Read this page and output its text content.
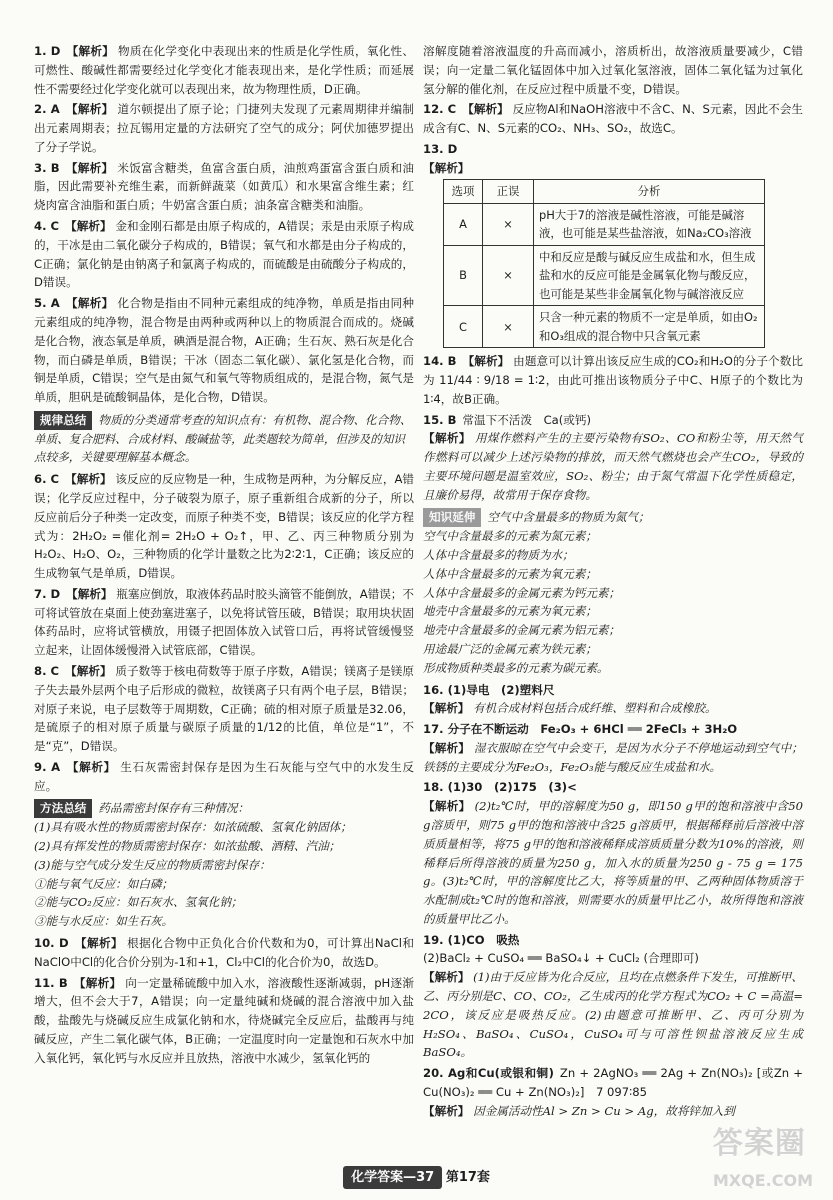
1. D 【解析】 物质在化学变化中表现出来的性质是化学性质，氧化性、可燃性、酸碱性都需要经过化学变化才能表现出来，是化学性质；而延展性不需要经过化学变化就可以表现出来，故为物理性质，D正确。

2. A 【解析】 道尔顿提出了原子论；门捷列夫发现了元素周期律并编制出元素周期表；拉瓦锡用定量的方法研究了空气的成分；阿伏加德罗提出了分子学说。

3. B 【解析】 米饭富含糖类，鱼富含蛋白质，油煎鸡蛋富含蛋白质和油脂，因此需要补充维生素，而新鲜蔬菜（如黄瓜）和水果富含维生素；红烧肉富含油脂和蛋白质；牛奶富含蛋白质；油条富含糖类和油脂。

4. C 【解析】 金和金刚石都是由原子构成的，A错误；汞是由汞原子构成的，干冰是由二氧化碳分子构成的，B错误；氧气和水都是由分子构成的，C正确；氯化钠是由钠离子和氯离子构成的，而硫酸是由硫酸分子构成的，D错误。

5. A 【解析】 化合物是指由不同种元素组成的纯净物，单质是指由同种元素组成的纯净物，混合物是由两种或两种以上的物质混合而成的。烧碱是化合物，液态氧是单质，碘酒是混合物，A正确；生石灰、熟石灰是化合物，而白磷是单质，B错误；干冰（固态二氧化碳）、氯化氢是化合物，而铜是单质，C错误；空气是由氮气和氧气等物质组成的，是混合物，氮气是单质，胆矾是硫酸铜晶体，是化合物，D错误。

规律总结 物质的分类通常考查的知识点有：有机物、混合物、化合物、单质、复合肥料、合成材料、酸碱盐等，此类题较为简单，但涉及的知识点较多，关键要理解基本概念。

6. C 【解析】 该反应的反应物是一种，生成物是两种，为分解反应，A错误；化学反应过程中，分子破裂为原子，原子重新组合成新的分子，所以反应前后分子种类一定改变，而原子种类不变，B错误；该反应的化学方程式为：2H₂O₂ =催化剂= 2H₂O + O₂↑，甲、乙、丙三种物质分别为H₂O₂、H₂O、O₂，三种物质的化学计量数之比为2∶2∶1，C正确；该反应的生成物氧气是单质，D错误。

7. D 【解析】 瓶塞应倒放，取液体药品时胶头滴管不能倒放，A错误；不可将试管放在桌面上使劲塞进塞子，以免将试管压破，B错误；取用块状固体药品时，应将试管横放，用镊子把固体放入试管口后，再将试管缓慢竖立起来，让固体缓慢滑入试管底部，C错误。

8. C 【解析】 质子数等于核电荷数等于原子序数，A错误；镁离子是镁原子失去最外层两个电子后形成的微粒，故镁离子只有两个电子层，B错误；对原子来说，电子层数等于周期数，C正确；硫的相对原子质量是32.06，是硫原子的相对原子质量与碳原子质量的1/12的比值，单位是“1”，不是“克”，D错误。

9. A 【解析】 生石灰需密封保存是因为生石灰能与空气中的水发生反应。

方法总结 药品需密封保存有三种情况：
(1)具有吸水性的物质需密封保存：如浓硫酸、氢氧化钠固体；
(2)具有挥发性的物质需密封保存：如浓盐酸、酒精、汽油；
(3)能与空气成分发生反应的物质需密封保存：
①能与氧气反应：如白磷；
②能与CO₂反应：如石灰水、氢氧化钠；
③能与水反应：如生石灰。

10. D 【解析】 根据化合物中正负化合价代数和为0，可计算出NaCl和NaClO中Cl的化合价分别为-1和+1，Cl₂中Cl的化合价为0，故选D。

11. B 【解析】 向一定量稀硫酸中加入水，溶液酸性逐渐减弱，pH逐渐增大，但不会大于7，A错误；向一定量纯碱和烧碱的混合溶液中加入盐酸，盐酸先与烧碱反应生成氯化钠和水，待烧碱完全反应后，盐酸再与纯碱反应，产生二氧化碳气体，B正确；一定温度时向一定量饱和石灰水中加入氧化钙，氧化钙与水反应并且放热，溶液中水减少，氢氧化钙的

溶解度随着溶液温度的升高而减小，溶质析出，故溶液质量要减少，C错误；向一定量二氧化锰固体中加入过氧化氢溶液，固体二氧化锰为过氧化氢分解的催化剂，在反应过程中质量不变，D错误。

12. C 【解析】 反应物Al和NaOH溶液中不含C、N、S元素，因此不会生成含有C、N、S元素的CO₂、NH₃、SO₂，故选C。

13. D
【解析】

选项	正误	分析
A	×	pH大于7的溶液是碱性溶液，可能是碱溶液，也可能是某些盐溶液，如Na₂CO₃溶液
B	×	中和反应是酸与碱反应生成盐和水，但生成盐和水的反应可能是金属氧化物与酸反应，也可能是某些非金属氧化物与碱溶液反应
C	×	只含一种元素的物质不一定是单质，如由O₂和O₃组成的混合物中只含氧元素

14. B 【解析】 由题意可以计算出该反应生成的CO₂和H₂O的分子个数比为 11/44 ∶ 9/18 = 1∶2，由此可推出该物质分子中C、H原子的个数比为1∶4，故B正确。

15. B 常温下不活泼　Ca(或钙)
【解析】 用煤作燃料产生的主要污染物有SO₂、CO和粉尘等，用天然气作燃料可以减少上述污染物的排放，而天然气燃烧也会产生CO₂，导致的主要环境问题是温室效应，SO₂、粉尘；由于氮气常温下化学性质稳定，且廉价易得，故常用于保存食物。

知识延伸 空气中含量最多的物质为氮气；
空气中含量最多的元素为氮元素；
人体中含量最多的物质为水；
人体中含量最多的元素为氧元素；
人体中含量最多的金属元素为钙元素；
地壳中含量最多的元素为氧元素；
地壳中含量最多的金属元素为铝元素；
用途最广泛的金属元素为铁元素；
形成物质种类最多的元素为碳元素。

16. (1)导电　(2)塑料尺
【解析】 有机合成材料包括合成纤维、塑料和合成橡胶。

17. 分子在不断运动　Fe₂O₃ + 6HCl ══ 2FeCl₃ + 3H₂O
【解析】 湿衣服晾在空气中会变干，是因为水分子不停地运动到空气中；铁锈的主要成分为Fe₂O₃，Fe₂O₃能与酸反应生成盐和水。

18. (1)30　(2)175　(3)<
【解析】 (2)t₂℃时，甲的溶解度为50 g，即150 g甲的饱和溶液中含50 g溶质甲，则75 g甲的饱和溶液中含25 g溶质甲，根据稀释前后溶液中溶质质量相等，将75 g甲的饱和溶液稀释成溶质质量分数为10%的溶液，则稀释后所得溶液的质量为250 g，加入水的质量为250 g - 75 g = 175 g。(3)t₂℃时，甲的溶解度比乙大，将等质量的甲、乙两种固体物质溶于水配制成t₂℃时的饱和溶液，则需要水的质量甲比乙小，故所得饱和溶液的质量甲比乙小。

19. (1)CO　吸热
(2)BaCl₂ + CuSO₄ ══ BaSO₄↓ + CuCl₂ (合理即可)
【解析】 (1)由于反应皆为化合反应，且均在点燃条件下发生，可推断甲、乙、丙分别是C、CO、CO₂，乙生成丙的化学方程式为CO₂ + C =高温= 2CO，该反应是吸热反应。(2)由题意可推断甲、乙、丙可分别为H₂SO₄、BaSO₄、CuSO₄，CuSO₄可与可溶性钡盐溶液反应生成BaSO₄。

20. Ag和Cu(或银和铜) Zn + 2AgNO₃ ══ 2Ag + Zn(NO₃)₂ [或Zn + Cu(NO₃)₂ ══ Cu + Zn(NO₃)₂]　7 097∶85
【解析】 因金属活动性Al > Zn > Cu > Ag，故将锌加入到

化学答案—37 第17套
答案圈
MXQE.COM
